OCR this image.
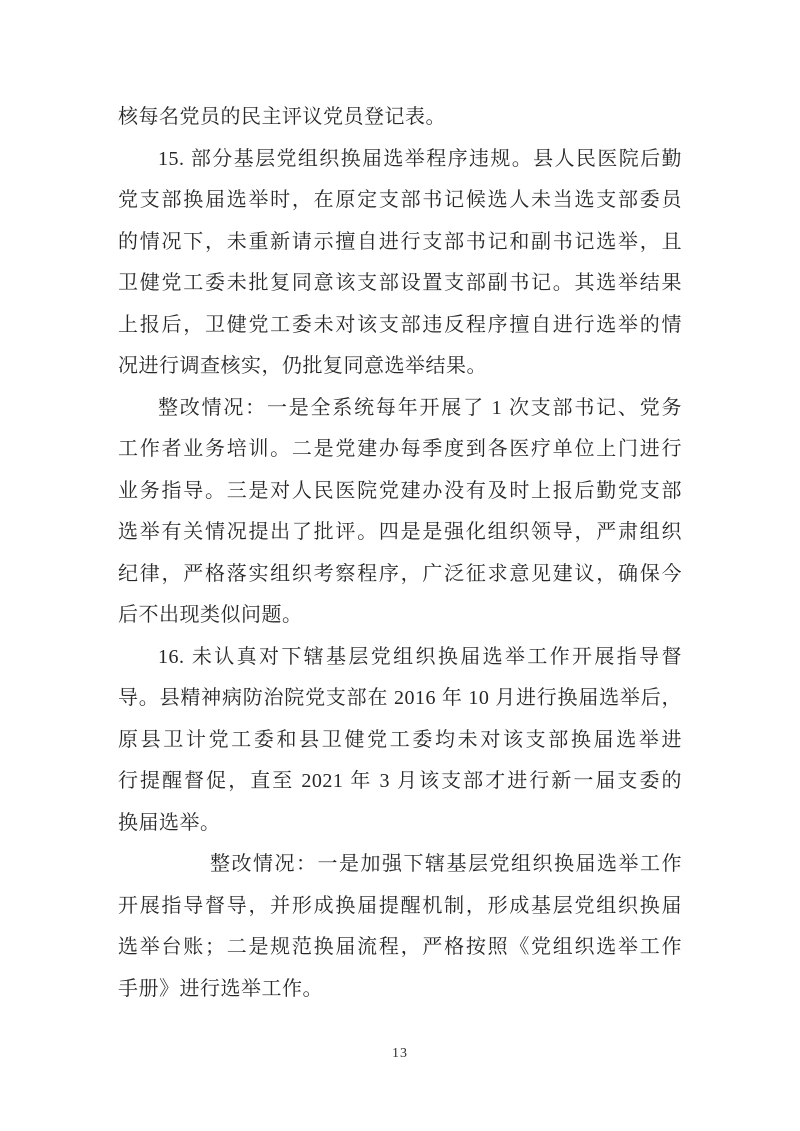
核每名党员的民主评议党员登记表。
15. 部分基层党组织换届选举程序违规。县人民医院后勤
党支部换届选举时，在原定支部书记候选人未当选支部委员
的情况下，未重新请示擅自进行支部书记和副书记选举，且
卫健党工委未批复同意该支部设置支部副书记。其选举结果
上报后，卫健党工委未对该支部违反程序擅自进行选举的情
况进行调查核实，仍批复同意选举结果。
整改情况：一是全系统每年开展了 1 次支部书记、党务
工作者业务培训。二是党建办每季度到各医疗单位上门进行
业务指导。三是对人民医院党建办没有及时上报后勤党支部
选举有关情况提出了批评。四是是强化组织领导，严肃组织
纪律，严格落实组织考察程序，广泛征求意见建议，确保今
后不出现类似问题。
16. 未认真对下辖基层党组织换届选举工作开展指导督
导。县精神病防治院党支部在 2016 年 10 月进行换届选举后，
原县卫计党工委和县卫健党工委均未对该支部换届选举进
行提醒督促，直至 2021 年 3 月该支部才进行新一届支委的
换届选举。
整改情况：一是加强下辖基层党组织换届选举工作
开展指导督导，并形成换届提醒机制，形成基层党组织换届
选举台账；二是规范换届流程，严格按照《党组织选举工作
手册》进行选举工作。
13
